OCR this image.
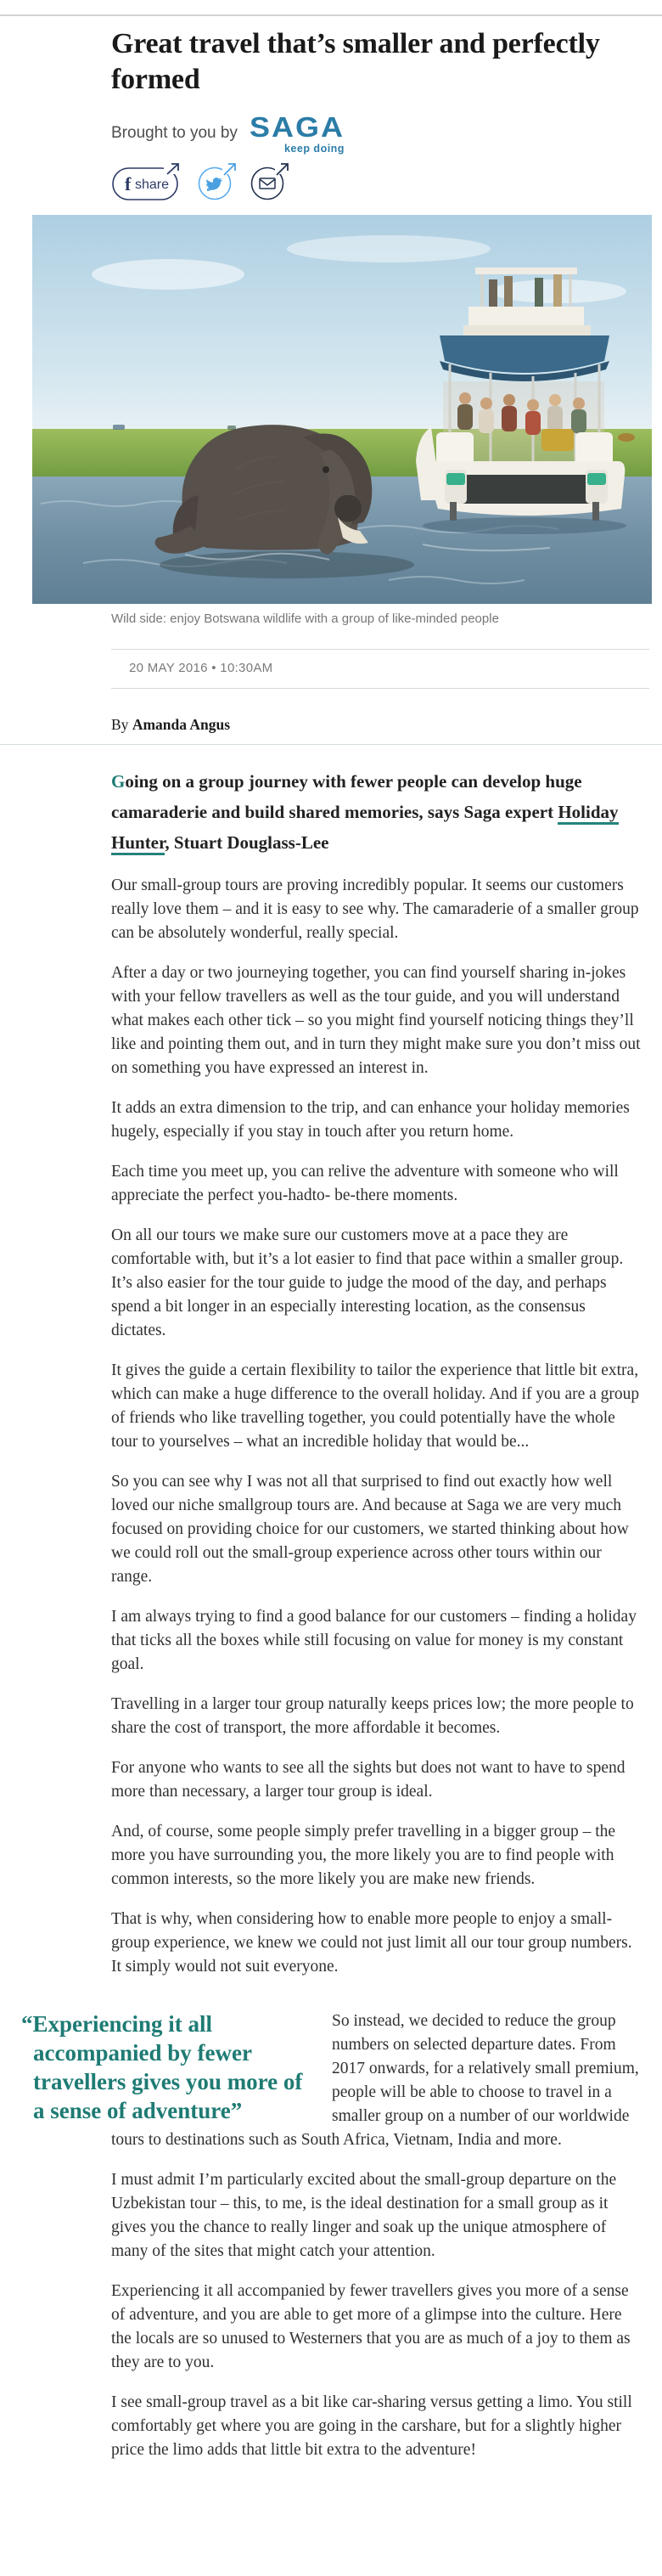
Great travel that’s smaller and perfectly formed
Brought to you by SAGA
keep doing
f share
Wild side: enjoy Botswana wildlife with a group of like-minded people
20 MAY 2016 • 10:30AM
By Amanda Angus

Going on a group journey with fewer people can develop huge camaraderie and build shared memories, says Saga expert Holiday Hunter, Stuart Douglass-Lee

Our small-group tours are proving incredibly popular. It seems our customers really love them – and it is easy to see why. The camaraderie of a smaller group can be absolutely wonderful, really special.

After a day or two journeying together, you can find yourself sharing in-jokes with your fellow travellers as well as the tour guide, and you will understand what makes each other tick – so you might find yourself noticing things they’ll like and pointing them out, and in turn they might make sure you don’t miss out on something you have expressed an interest in.

It adds an extra dimension to the trip, and can enhance your holiday memories hugely, especially if you stay in touch after you return home.

Each time you meet up, you can relive the adventure with someone who will appreciate the perfect you-hadto- be-there moments.

On all our tours we make sure our customers move at a pace they are comfortable with, but it’s a lot easier to find that pace within a smaller group. It’s also easier for the tour guide to judge the mood of the day, and perhaps spend a bit longer in an especially interesting location, as the consensus dictates.

It gives the guide a certain flexibility to tailor the experience that little bit extra, which can make a huge difference to the overall holiday. And if you are a group of friends who like travelling together, you could potentially have the whole tour to yourselves – what an incredible holiday that would be...

So you can see why I was not all that surprised to find out exactly how well loved our niche smallgroup tours are. And because at Saga we are very much focused on providing choice for our customers, we started thinking about how we could roll out the small-group experience across other tours within our range.

I am always trying to find a good balance for our customers – finding a holiday that ticks all the boxes while still focusing on value for money is my constant goal.

Travelling in a larger tour group naturally keeps prices low; the more people to share the cost of transport, the more affordable it becomes.

For anyone who wants to see all the sights but does not want to have to spend more than necessary, a larger tour group is ideal.

And, of course, some people simply prefer travelling in a bigger group – the more you have surrounding you, the more likely you are to find people with common interests, so the more likely you are make new friends.

That is why, when considering how to enable more people to enjoy a small-group experience, we knew we could not just limit all our tour group numbers. It simply would not suit everyone.

“Experiencing it all accompanied by fewer travellers gives you more of a sense of adventure”

So instead, we decided to reduce the group numbers on selected departure dates. From 2017 onwards, for a relatively small premium, people will be able to choose to travel in a smaller group on a number of our worldwide tours to destinations such as South Africa, Vietnam, India and more.

I must admit I’m particularly excited about the small-group departure on the Uzbekistan tour – this, to me, is the ideal destination for a small group as it gives you the chance to really linger and soak up the unique atmosphere of many of the sites that might catch your attention.

Experiencing it all accompanied by fewer travellers gives you more of a sense of adventure, and you are able to get more of a glimpse into the culture. Here the locals are so unused to Westerners that you are as much of a joy to them as they are to you.

I see small-group travel as a bit like car-sharing versus getting a limo. You still comfortably get where you are going in the carshare, but for a slightly higher price the limo adds that little bit extra to the adventure!
